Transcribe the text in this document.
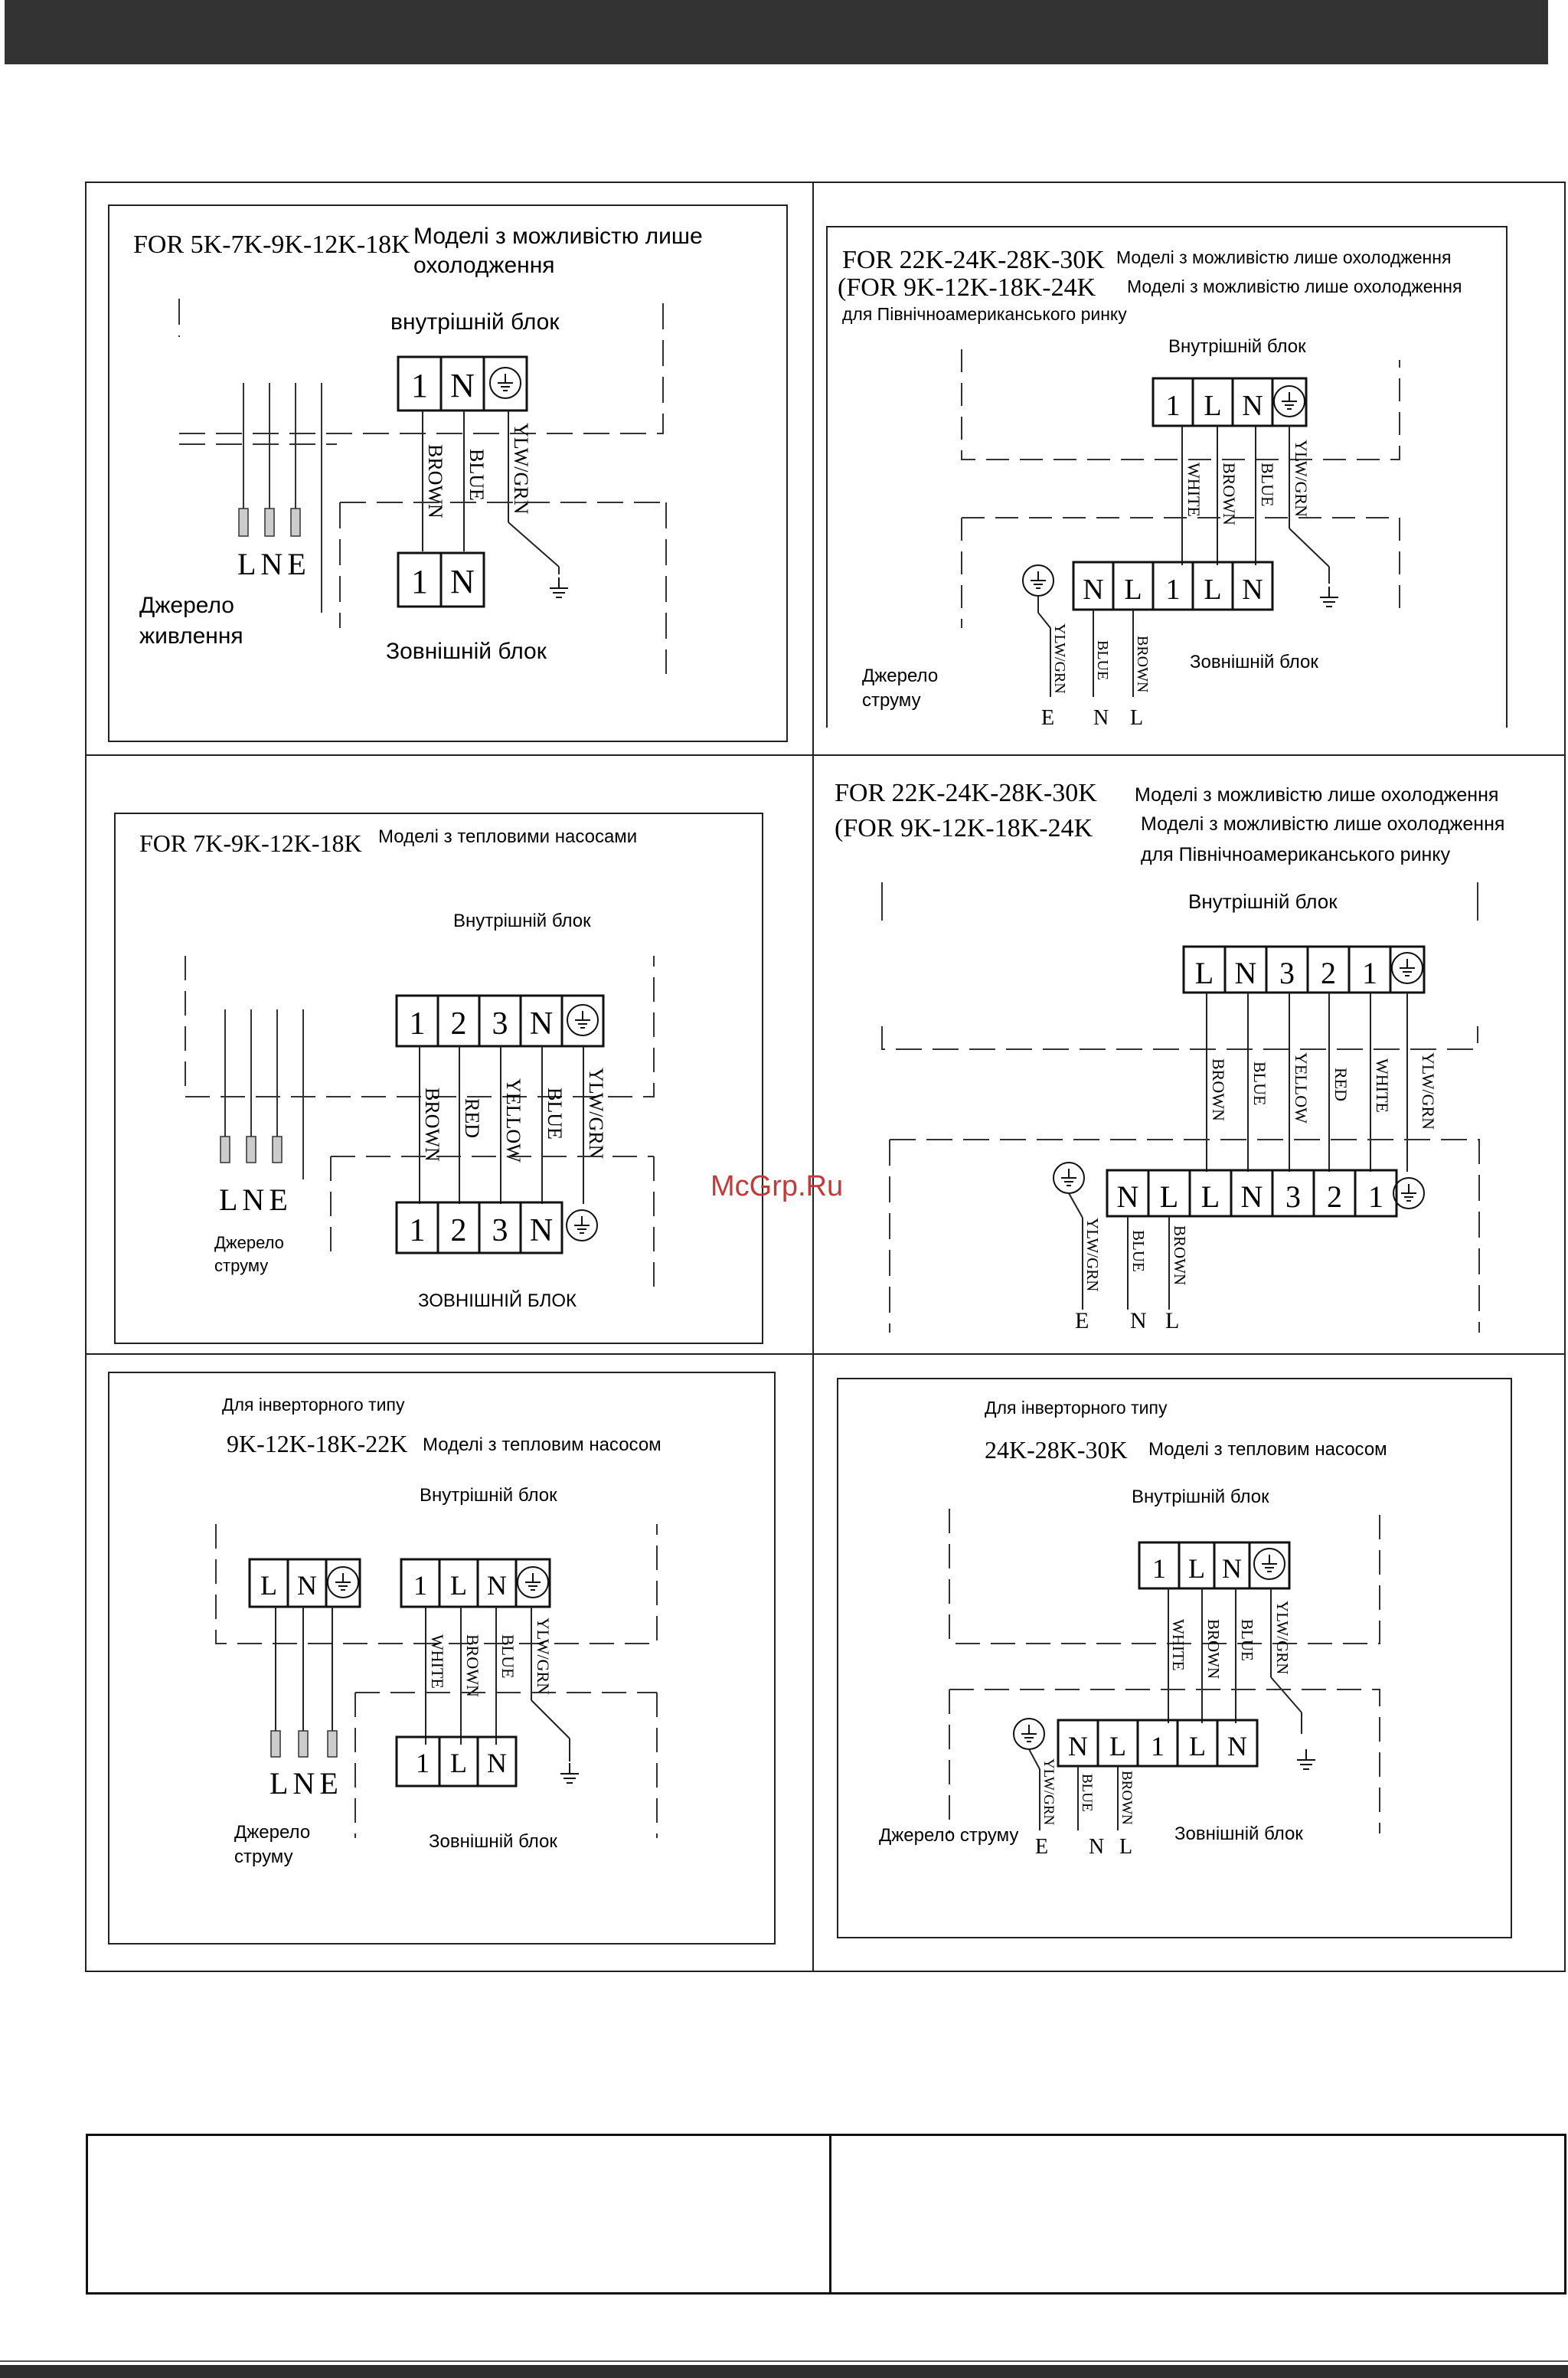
FOR 5K-7K-9K-12K-18K Моделі з можливістю лише
охолодження
внутрішній блок
1 N
BROWN BLUE YLW/GRN
1 N
Зовнішній блок
LNE
Джерело
живлення
FOR 22K-24K-28K-30K Моделі з можливістю лише охолодження
(FOR 9K-12K-18K-24K Моделі з можливістю лише охолодження
для Північноамериканського ринку
Внутрішній блок
1 L N
WHITE BROWN BLUE YLW/GRN
N L 1 L N
YLW/GRN BLUE BROWN
E N L
Джерело
струму
Зовнішній блок
FOR 7K-9K-12K-18K Моделі з тепловими насосами
Внутрішній блок
1 2 3 N
BROWN RED YELLOW BLUE YLW/GRN
1 2 3 N
ЗОВНІШНІЙ БЛОК
LNE
Джерело
струму
FOR 22K-24K-28K-30K Моделі з можливістю лише охолодження
(FOR 9K-12K-18K-24K	Моделі з можливістю лише охолодження
для Північноамериканського ринку
Внутрішній блок
L N 3 2 1
BROWN BLUE YELLOW RED WHITE YLW/GRN
N L L N 3 2 1
YLW/GRN BLUE BROWN
E N L
Для інверторного типу
9K-12K-18K-22K Моделі з тепловим насосом
Внутрішній блок
L N	1 L N
WHITE BROWN BLUE YLW/GRN
1 L N
LNE
Джерело
струму
Зовнішній блок
Для інверторного типу
24K-28K-30K Моделі з тепловим насосом
Внутрішній блок
1 L N
WHITE BROWN BLUE YLW/GRN
N L 1 L N
YLW/GRN BLUE BROWN
E N L
Джерело струму	Зовнішній блок
McGrp.Ru
